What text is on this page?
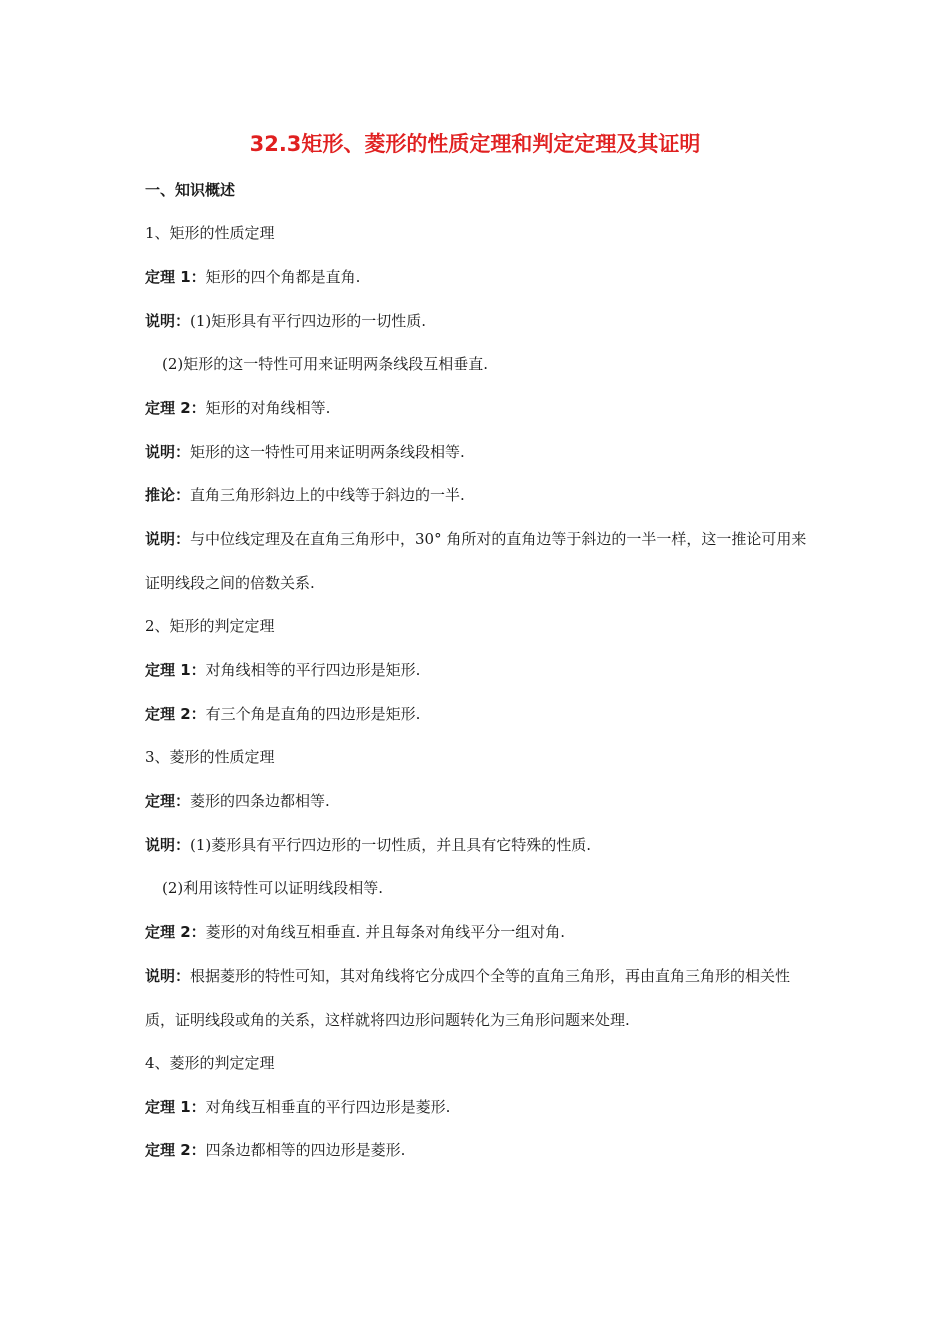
32.3矩形、菱形的性质定理和判定定理及其证明
一、知识概述
1、矩形的性质定理
定理 1：矩形的四个角都是直角.
说明：(1)矩形具有平行四边形的一切性质.
(2)矩形的这一特性可用来证明两条线段互相垂直.
定理 2：矩形的对角线相等.
说明：矩形的这一特性可用来证明两条线段相等.
推论：直角三角形斜边上的中线等于斜边的一半.
说明：与中位线定理及在直角三角形中，30° 角所对的直角边等于斜边的一半一样，这一推论可用来证明线段之间的倍数关系.
2、矩形的判定定理
定理 1：对角线相等的平行四边形是矩形.
定理 2：有三个角是直角的四边形是矩形.
3、菱形的性质定理
定理：菱形的四条边都相等.
说明：(1)菱形具有平行四边形的一切性质，并且具有它特殊的性质.
(2)利用该特性可以证明线段相等.
定理 2：菱形的对角线互相垂直. 并且每条对角线平分一组对角.
说明：根据菱形的特性可知，其对角线将它分成四个全等的直角三角形，再由直角三角形的相关性质，证明线段或角的关系，这样就将四边形问题转化为三角形问题来处理.
4、菱形的判定定理
定理 1：对角线互相垂直的平行四边形是菱形.
定理 2：四条边都相等的四边形是菱形.
